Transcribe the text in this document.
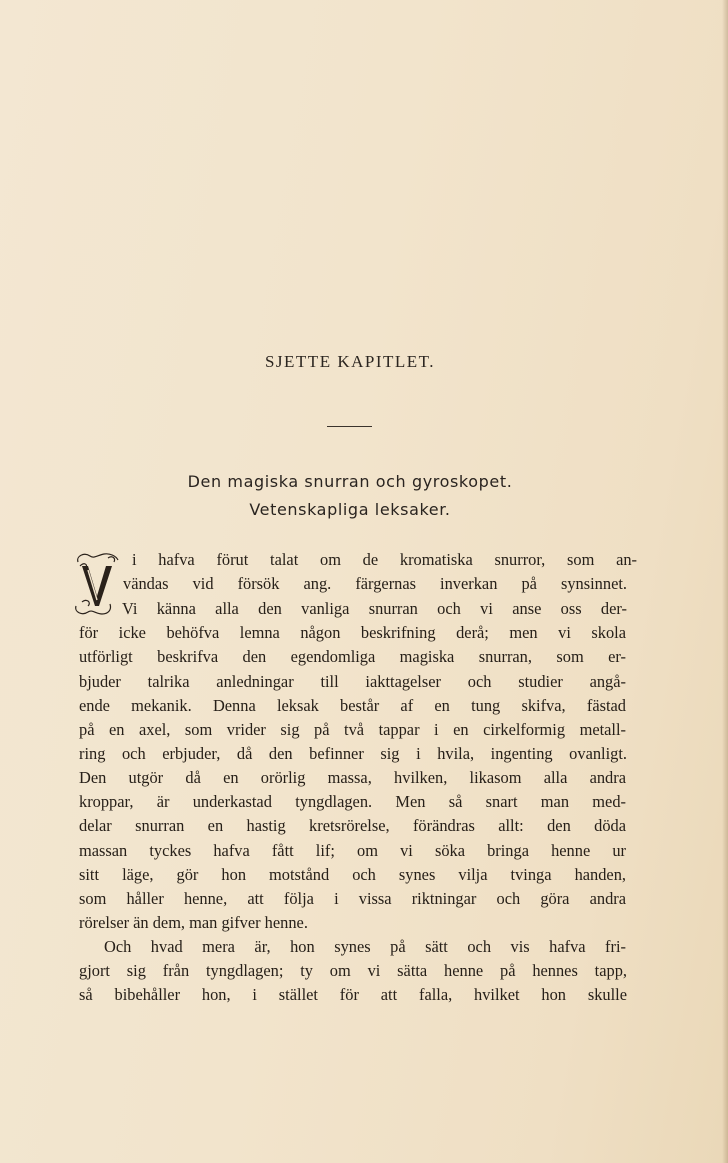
SJETTE KAPITLET.
Den magiska snurran och gyroskopet.
Vetenskapliga leksaker.
V
i hafva förut talat om de kromatiska snurror, som an-
vändas vid försök ang. färgernas inverkan på synsinnet.
Vi känna alla den vanliga snurran och vi anse oss der-
för icke behöfva lemna någon beskrifning derå; men vi skola
utförligt beskrifva den egendomliga magiska snurran, som er-
bjuder talrika anledningar till iakttagelser och studier angå-
ende mekanik. Denna leksak består af en tung skifva, fästad
på en axel, som vrider sig på två tappar i en cirkelformig metall-
ring och erbjuder, då den befinner sig i hvila, ingenting ovanligt.
Den utgör då en orörlig massa, hvilken, likasom alla andra
kroppar, är underkastad tyngdlagen. Men så snart man med-
delar snurran en hastig kretsrörelse, förändras allt: den döda
massan tyckes hafva fått lif; om vi söka bringa henne ur
sitt läge, gör hon motstånd och synes vilja tvinga handen,
som håller henne, att följa i vissa riktningar och göra andra
rörelser än dem, man gifver henne.
Och hvad mera är, hon synes på sätt och vis hafva fri-
gjort sig från tyngdlagen; ty om vi sätta henne på hennes tapp,
så bibehåller hon, i stället för att falla, hvilket hon skulle
